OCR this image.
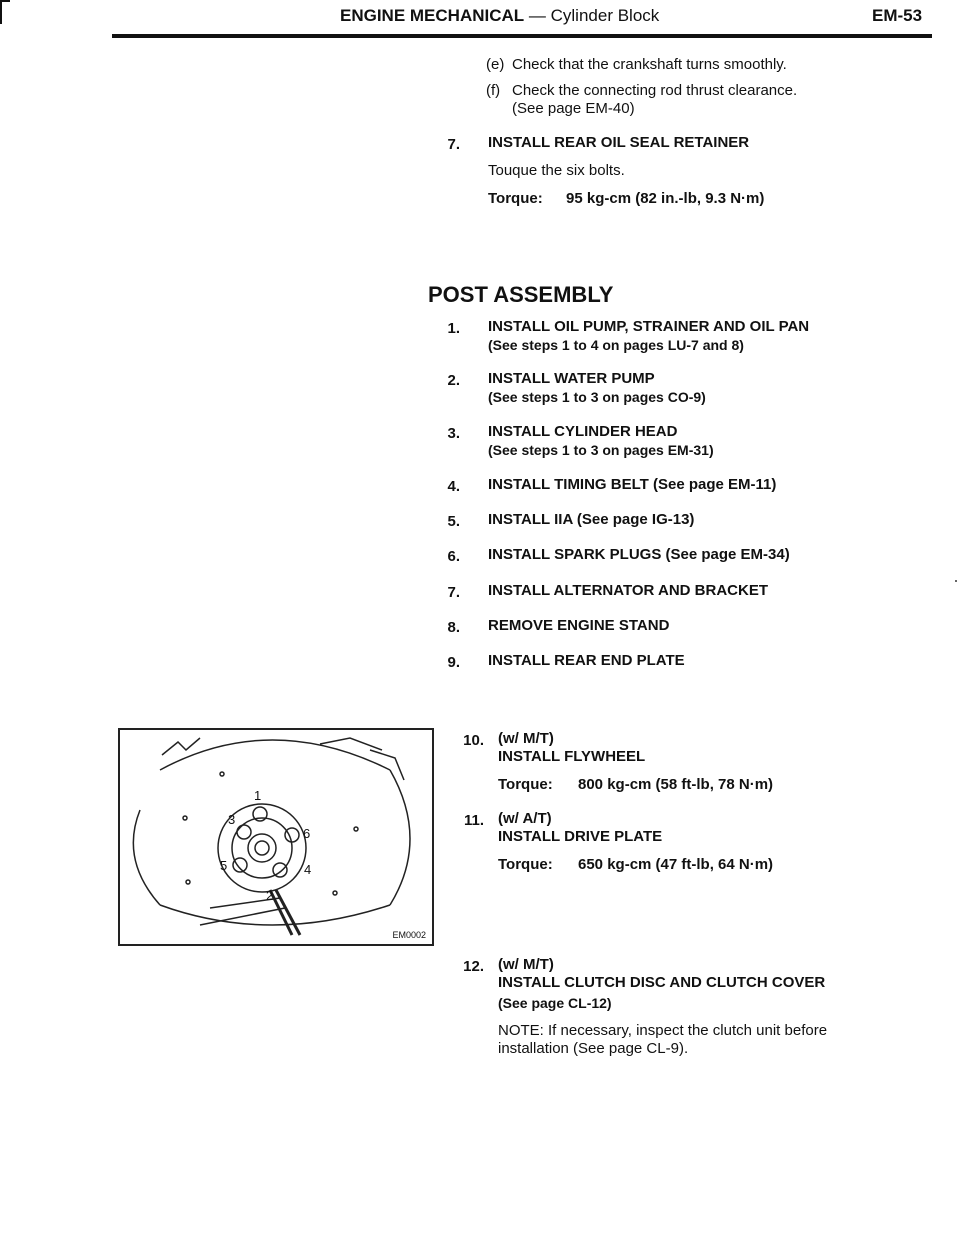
ENGINE MECHANICAL — Cylinder Block	EM-53
(e) Check that the crankshaft turns smoothly.
(f) Check the connecting rod thrust clearance.
(See page EM-40)
7. INSTALL REAR OIL SEAL RETAINER
Touque the six bolts.
Torque: 95 kg-cm (82 in.-lb, 9.3 N·m)
POST ASSEMBLY
1. INSTALL OIL PUMP, STRAINER AND OIL PAN
(See steps 1 to 4 on pages LU-7 and 8)
2. INSTALL WATER PUMP
(See steps 1 to 3 on pages CO-9)
3. INSTALL CYLINDER HEAD
(See steps 1 to 3 on pages EM-31)
4. INSTALL TIMING BELT (See page EM-11)
5. INSTALL IIA (See page IG-13)
6. INSTALL SPARK PLUGS (See page EM-34)
7. INSTALL ALTERNATOR AND BRACKET
8. REMOVE ENGINE STAND
9. INSTALL REAR END PLATE
1
2
3
4
5
6
EM0002
10. (w/ M/T)
INSTALL FLYWHEEL
Torque: 800 kg-cm (58 ft-lb, 78 N·m)
11. (w/ A/T)
INSTALL DRIVE PLATE
Torque: 650 kg-cm (47 ft-lb, 64 N·m)
12. (w/ M/T)
INSTALL CLUTCH DISC AND CLUTCH COVER
(See page CL-12)
NOTE: If necessary, inspect the clutch unit before
installation (See page CL-9).
